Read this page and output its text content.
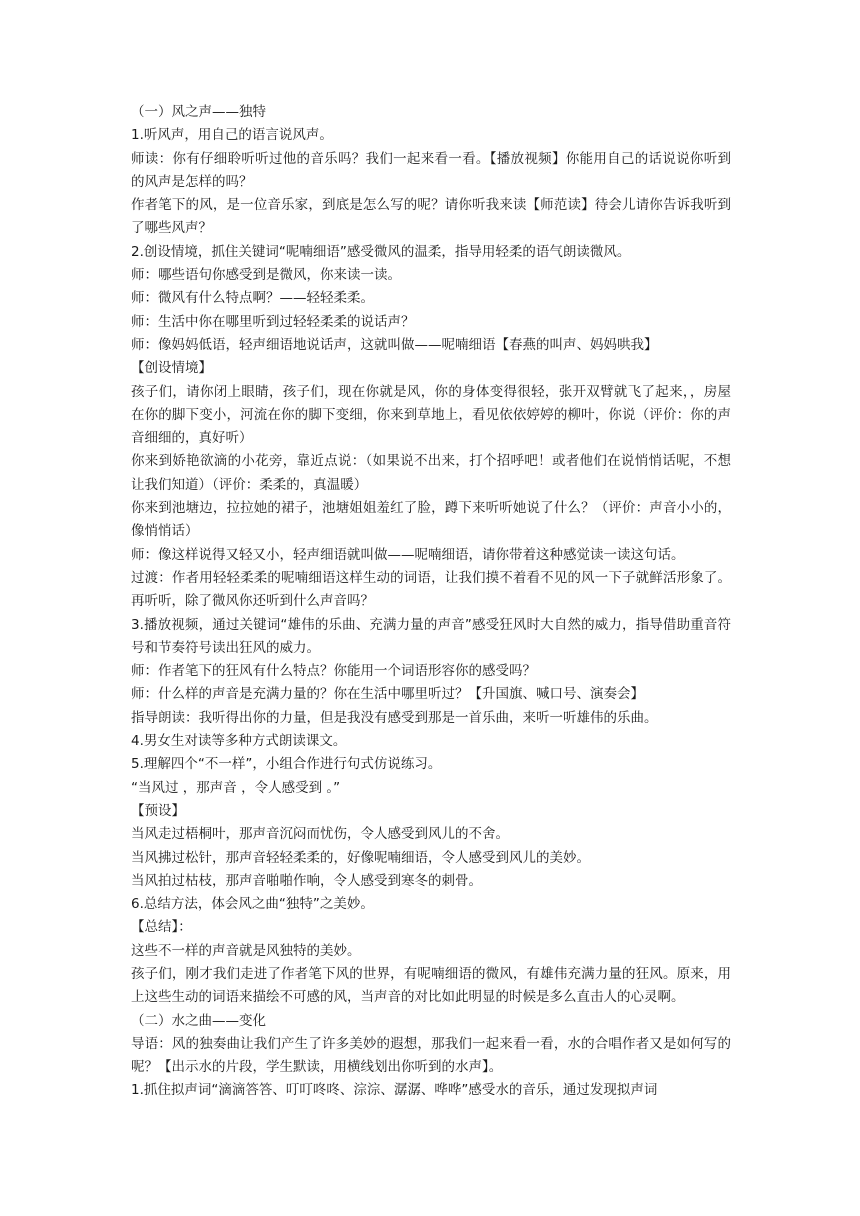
（一）风之声——独特

1.听风声，用自己的语言说风声。

师读：你有仔细聆听听过他的音乐吗？我们一起来看一看。【播放视频】你能用自己的话说说你听到的风声是怎样的吗？

作者笔下的风，是一位音乐家，到底是怎么写的呢？请你听我来读【师范读】待会儿请你告诉我听到了哪些风声？

2.创设情境，抓住关键词“呢喃细语”感受微风的温柔，指导用轻柔的语气朗读微风。

师：哪些语句你感受到是微风，你来读一读。

师：微风有什么特点啊？——轻轻柔柔。

师：生活中你在哪里听到过轻轻柔柔的说话声？

师：像妈妈低语，轻声细语地说话声，这就叫做——呢喃细语【春燕的叫声、妈妈哄我】

【创设情境】

孩子们，请你闭上眼睛，孩子们，现在你就是风，你的身体变得很轻，张开双臂就飞了起来，，房屋在你的脚下变小，河流在你的脚下变细，你来到草地上，看见依依婷婷的柳叶，你说（评价：你的声音细细的，真好听）

你来到娇艳欲滴的小花旁，靠近点说：（如果说不出来，打个招呼吧！或者他们在说悄悄话呢，不想让我们知道）（评价：柔柔的，真温暖）

你来到池塘边，拉拉她的裙子，池塘姐姐羞红了脸，蹲下来听听她说了什么？（评价：声音小小的，像悄悄话）

师：像这样说得又轻又小，轻声细语就叫做——呢喃细语，请你带着这种感觉读一读这句话。

过渡：作者用轻轻柔柔的呢喃细语这样生动的词语，让我们摸不着看不见的风一下子就鲜活形象了。再听听，除了微风你还听到什么声音吗？

3.播放视频，通过关键词“雄伟的乐曲、充满力量的声音”感受狂风时大自然的威力，指导借助重音符号和节奏符号读出狂风的威力。

师：作者笔下的狂风有什么特点？你能用一个词语形容你的感受吗？

师：什么样的声音是充满力量的？你在生活中哪里听过？【升国旗、喊口号、演奏会】

指导朗读：我听得出你的力量，但是我没有感受到那是一首乐曲，来听一听雄伟的乐曲。

4.男女生对读等多种方式朗读课文。

5.理解四个“不一样”，小组合作进行句式仿说练习。

“当风过 ，那声音 ，令人感受到 。”

【预设】

当风走过梧桐叶，那声音沉闷而忧伤，令人感受到风儿的不舍。

当风拂过松针，那声音轻轻柔柔的，好像呢喃细语，令人感受到风儿的美妙。

当风拍过枯枝，那声音啪啪作响，令人感受到寒冬的刺骨。

6.总结方法，体会风之曲“独特”之美妙。

【总结】：

这些不一样的声音就是风独特的美妙。

孩子们，刚才我们走进了作者笔下风的世界，有呢喃细语的微风，有雄伟充满力量的狂风。原来，用上这些生动的词语来描绘不可感的风，当声音的对比如此明显的时候是多么直击人的心灵啊。

（二）水之曲——变化

导语：风的独奏曲让我们产生了许多美妙的遐想，那我们一起来看一看，水的合唱作者又是如何写的呢？【出示水的片段，学生默读，用横线划出你听到的水声】。

1.抓住拟声词“滴滴答答、叮叮咚咚、淙淙、潺潺、哗哗”感受水的音乐，通过发现拟声词
